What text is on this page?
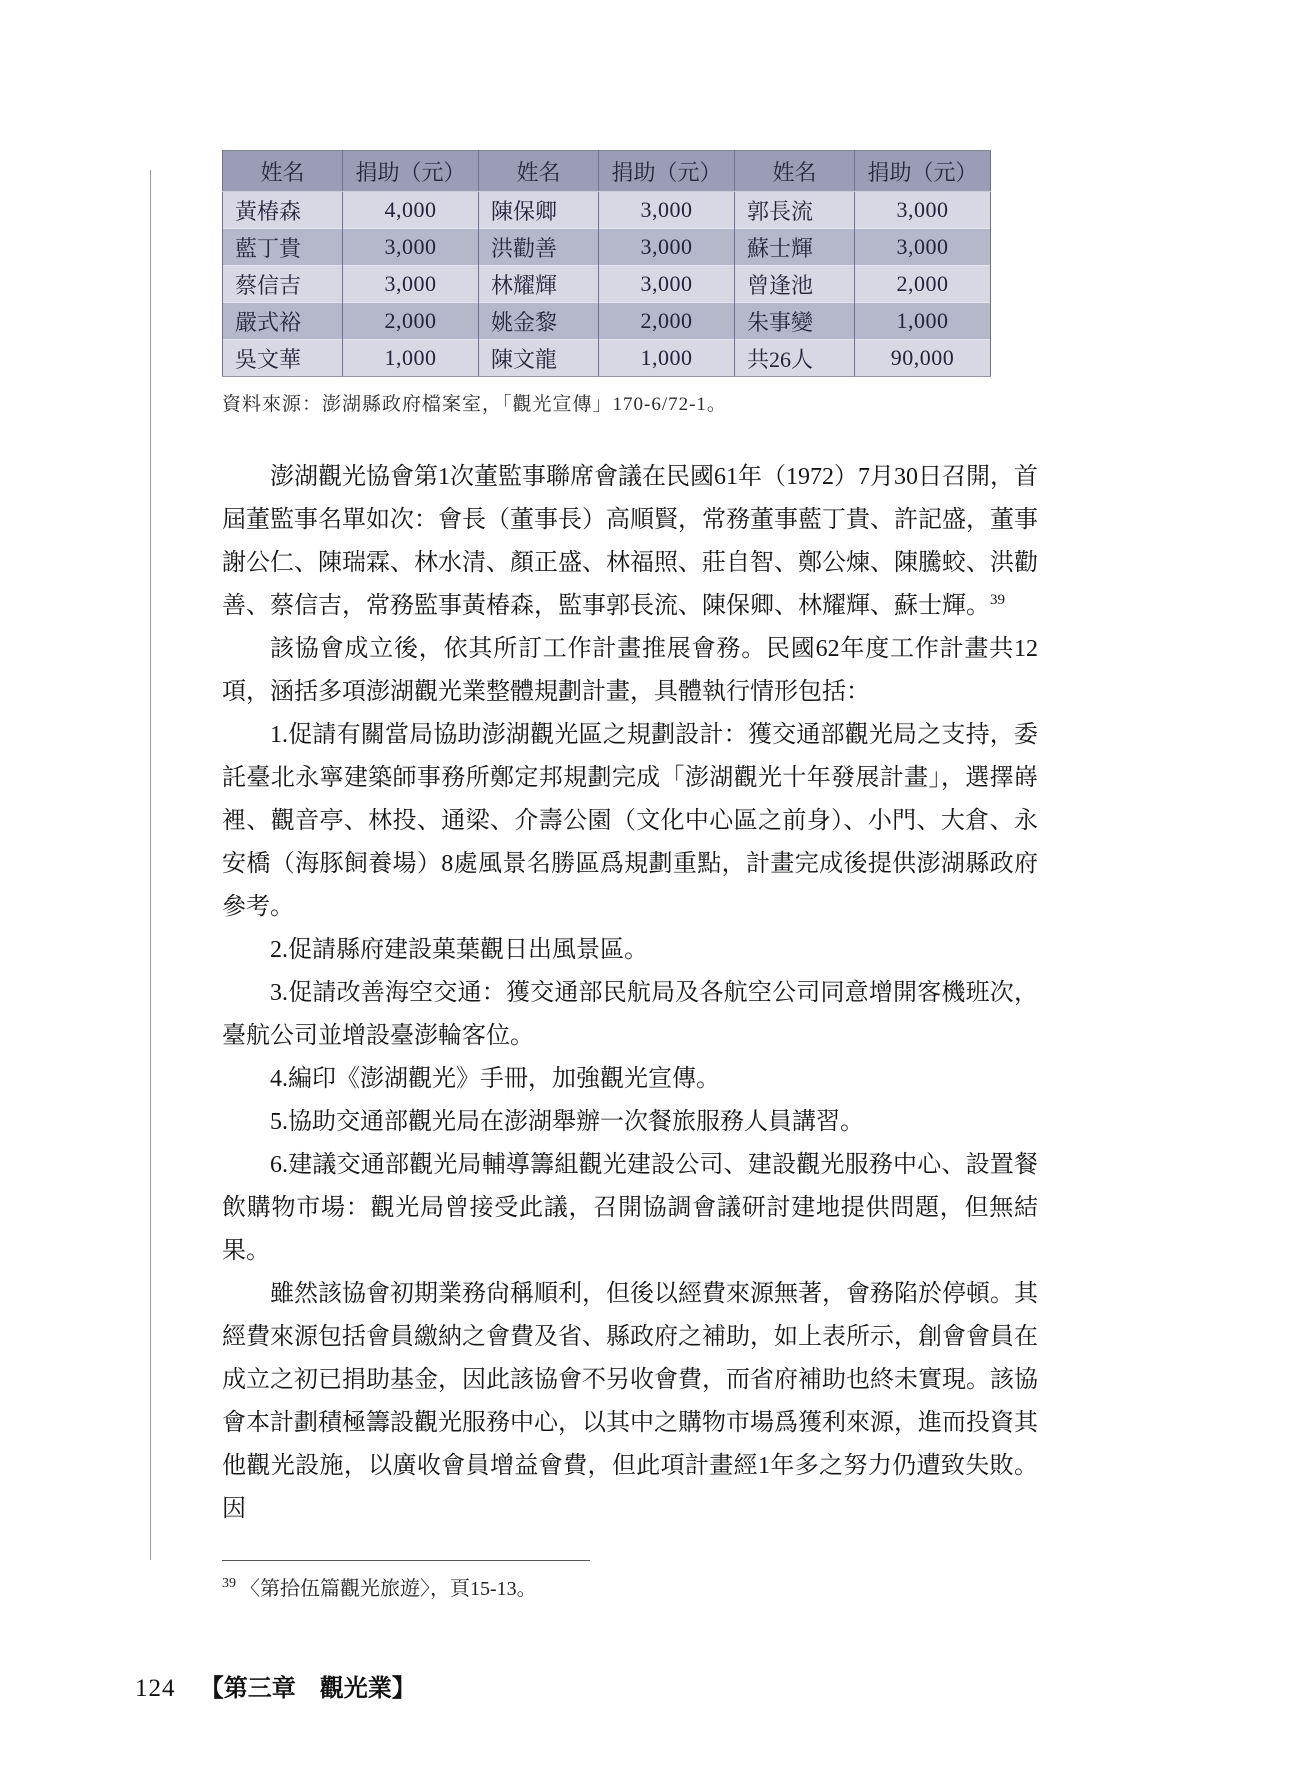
姓名	捐助（元）	姓名	捐助（元）	姓名	捐助（元）
黃椿森	4,000	陳保卿	3,000	郭長流	3,000
藍丁貴	3,000	洪勸善	3,000	蘇士輝	3,000
蔡信吉	3,000	林耀輝	3,000	曾逢池	2,000
嚴式裕	2,000	姚金黎	2,000	朱事變	1,000
吳文華	1,000	陳文龍	1,000	共26人	90,000
資料來源：澎湖縣政府檔案室，「觀光宣傳」170-6/72-1。

澎湖觀光協會第1次董監事聯席會議在民國61年（1972）7月30日召開，首屆董監事名單如次：會長（董事長）高順賢，常務董事藍丁貴、許記盛，董事謝公仁、陳瑞霖、林水清、顏正盛、林福照、莊自智、鄭公煉、陳騰蛟、洪勸善、蔡信吉，常務監事黃椿森，監事郭長流、陳保卿、林耀輝、蘇士輝。$^{39}$

該協會成立後，依其所訂工作計畫推展會務。民國62年度工作計畫共12項，涵括多項澎湖觀光業整體規劃計畫，具體執行情形包括：

1.促請有關當局協助澎湖觀光區之規劃設計：獲交通部觀光局之支持，委託臺北永寧建築師事務所鄭定邦規劃完成「澎湖觀光十年發展計畫」，選擇嵵裡、觀音亭、林投、通梁、介壽公園（文化中心區之前身）、小門、大倉、永安橋（海豚飼養場）8處風景名勝區爲規劃重點，計畫完成後提供澎湖縣政府參考。

2.促請縣府建設菓葉觀日出風景區。

3.促請改善海空交通：獲交通部民航局及各航空公司同意增開客機班次，臺航公司並增設臺澎輪客位。

4.編印《澎湖觀光》手冊，加強觀光宣傳。

5.協助交通部觀光局在澎湖舉辦一次餐旅服務人員講習。

6.建議交通部觀光局輔導籌組觀光建設公司、建設觀光服務中心、設置餐飲購物市場：觀光局曾接受此議，召開協調會議研討建地提供問題，但無結果。

雖然該協會初期業務尙稱順利，但後以經費來源無著，會務陷於停頓。其經費來源包括會員繳納之會費及省、縣政府之補助，如上表所示，創會會員在成立之初已捐助基金，因此該協會不另收會費，而省府補助也終未實現。該協會本計劃積極籌設觀光服務中心，以其中之購物市場爲獲利來源，進而投資其他觀光設施，以廣收會員增益會費，但此項計畫經1年多之努力仍遭致失敗。因

$^{39}$ 〈第拾伍篇觀光旅遊〉，頁15-13。
124 【第三章　觀光業】
